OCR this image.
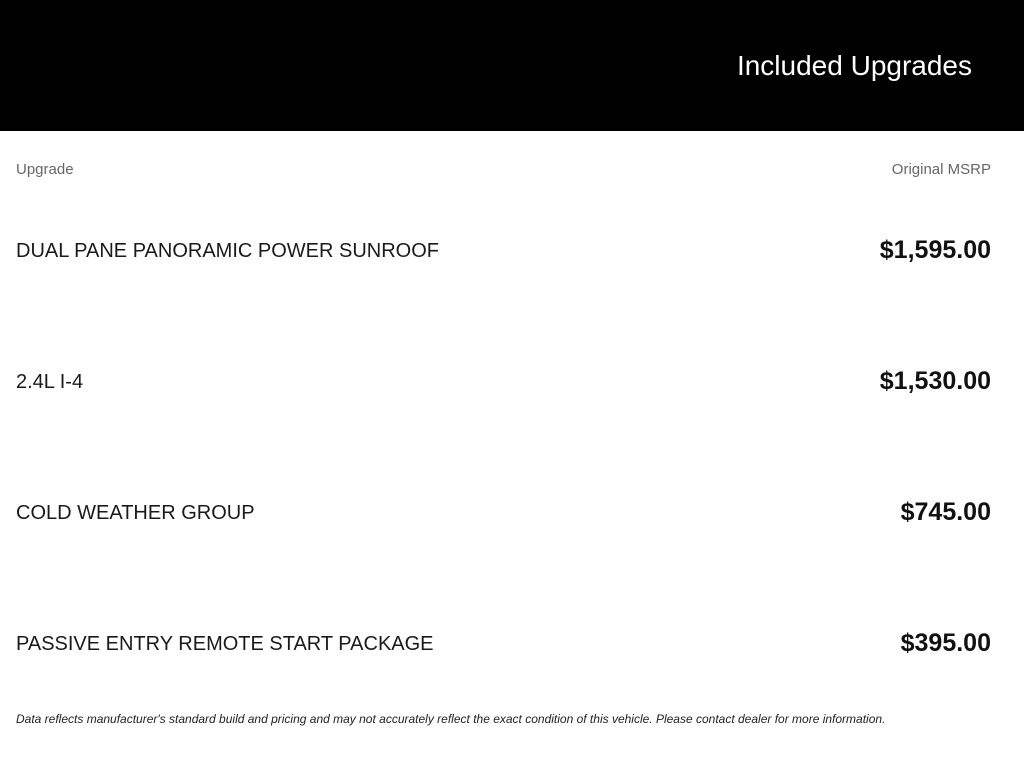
Included Upgrades
Upgrade	Original MSRP
DUAL PANE PANORAMIC POWER SUNROOF	$1,595.00
2.4L I-4	$1,530.00
COLD WEATHER GROUP	$745.00
PASSIVE ENTRY REMOTE START PACKAGE	$395.00
Data reflects manufacturer's standard build and pricing and may not accurately reflect the exact condition of this vehicle. Please contact dealer for more information.
